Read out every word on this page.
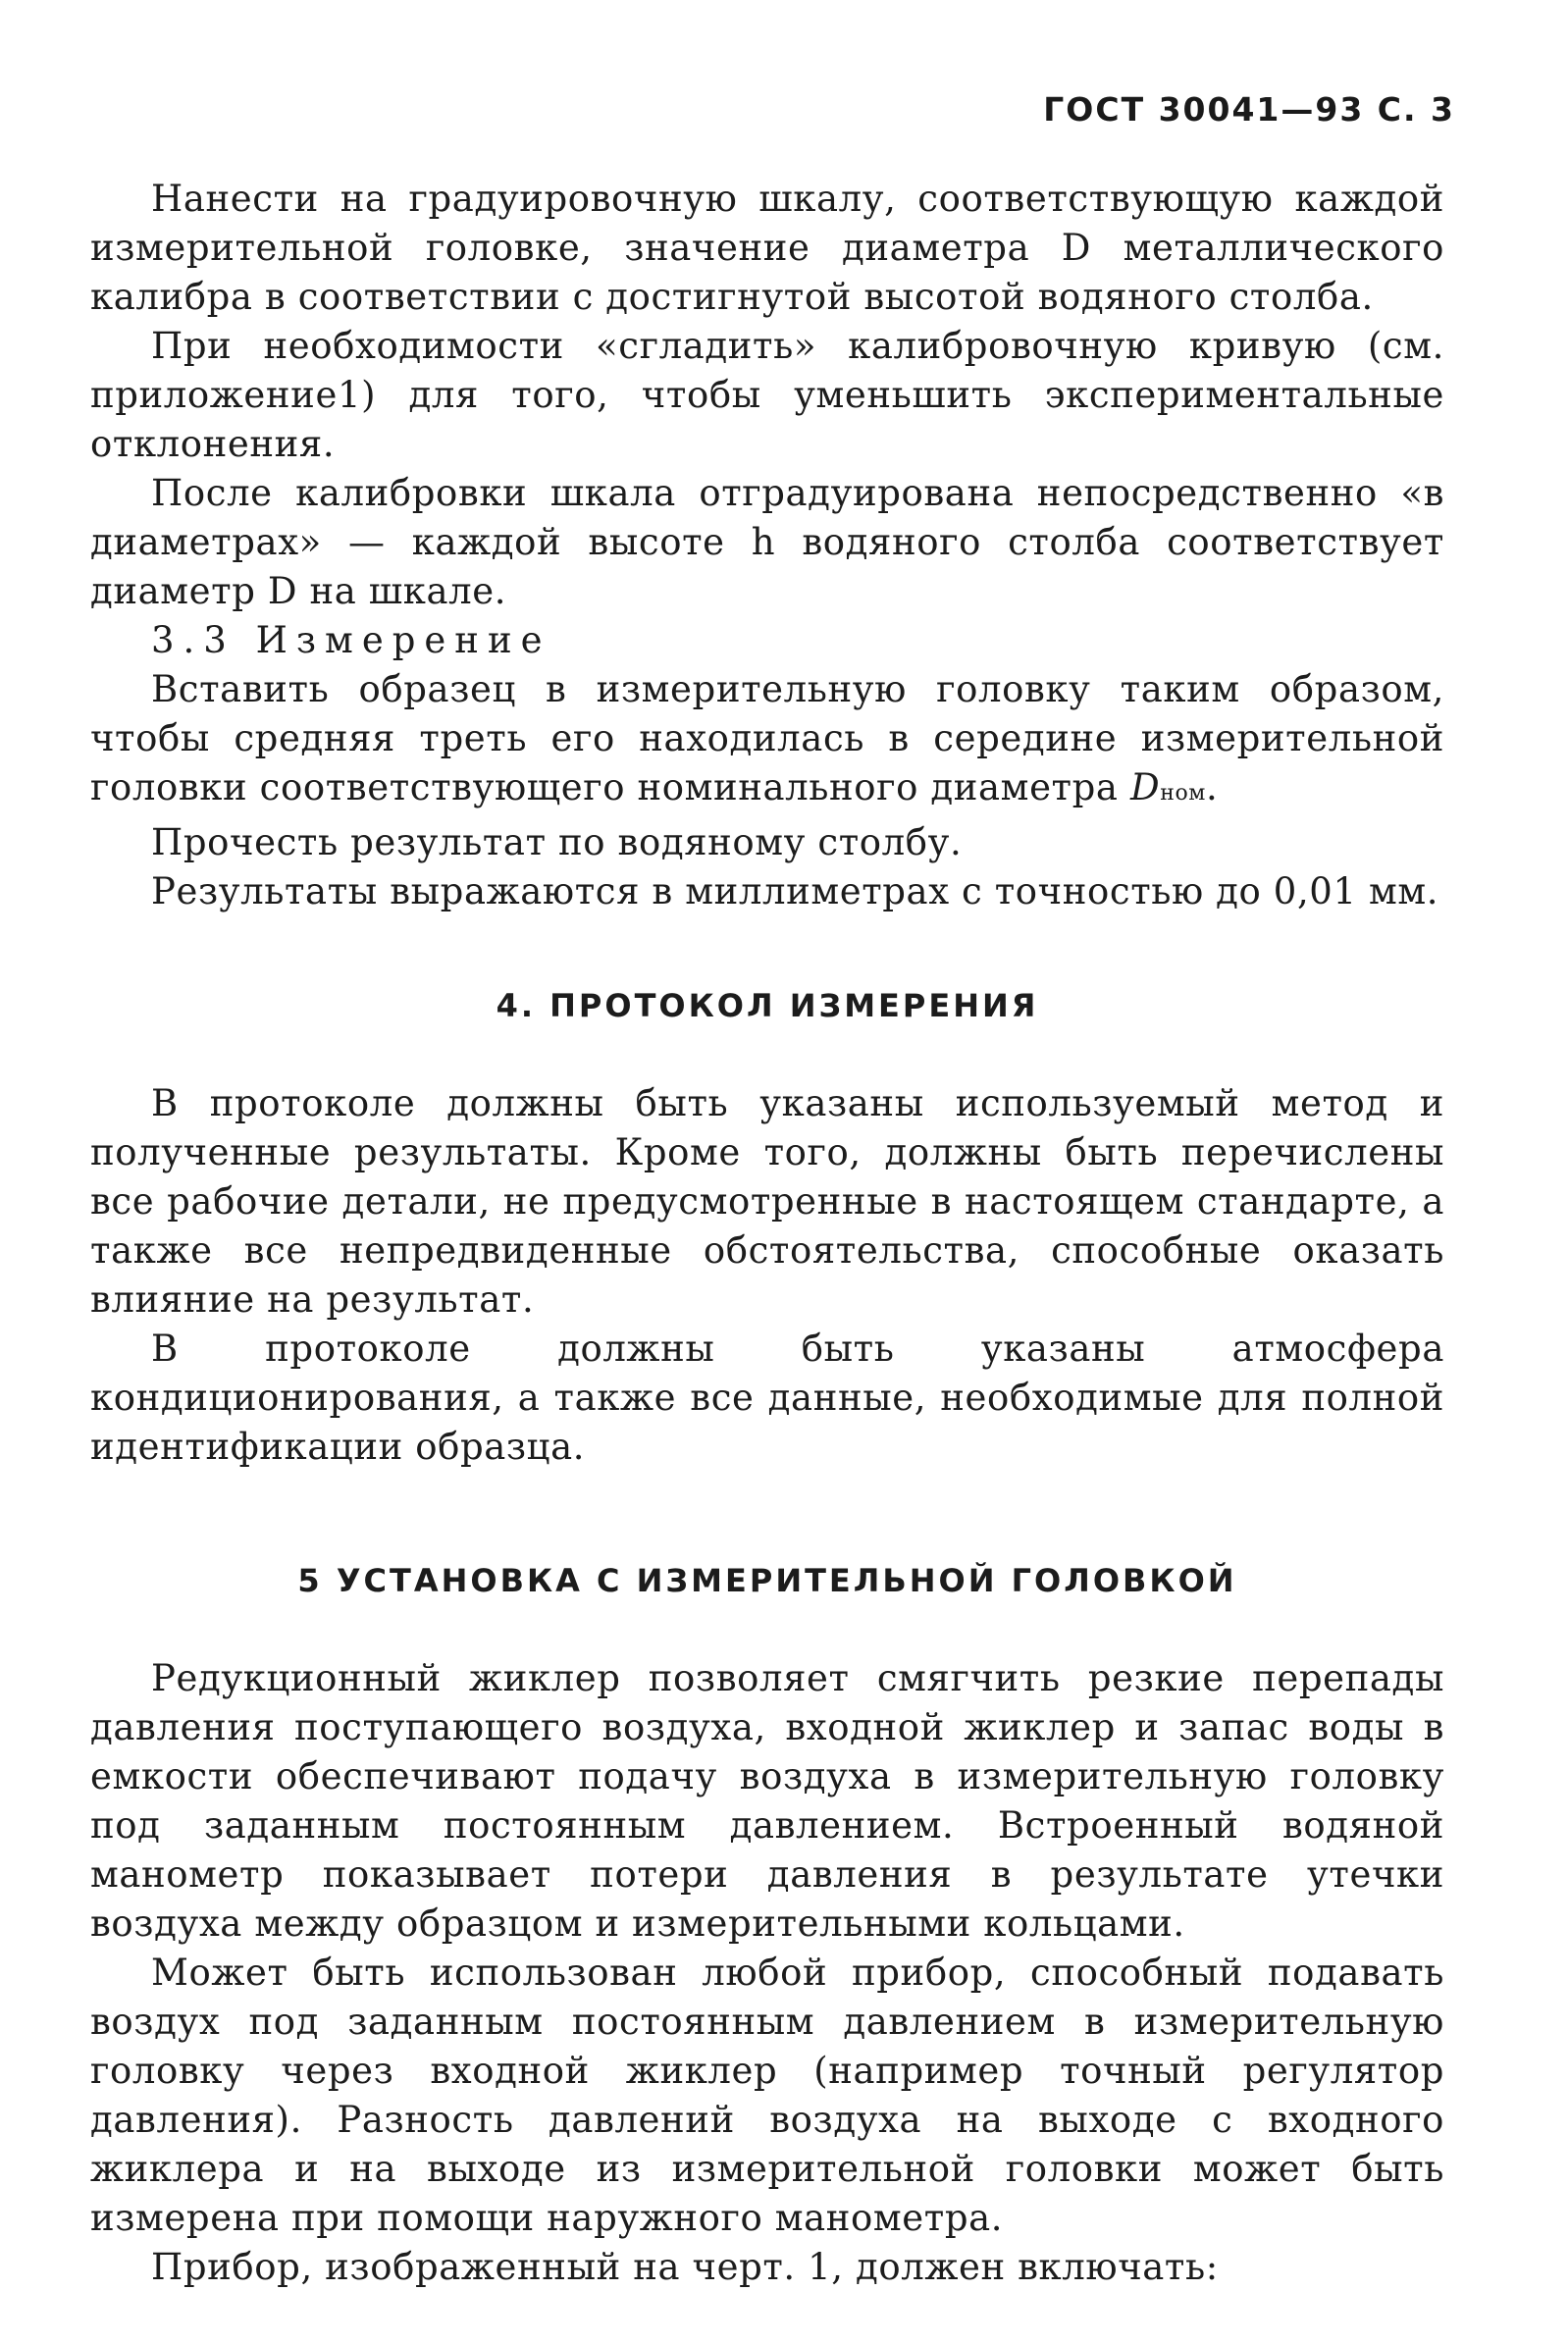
ГОСТ 30041—93 С. 3

Нанести на градуировочную шкалу, соответствующую каждой измерительной головке, значение диаметра D металлического калибра в соответствии с достигнутой высотой водяного столба.

При необходимости «сгладить» калибровочную кривую (см. приложение1) для того, чтобы уменьшить экспериментальные отклонения.

После калибровки шкала отградуирована непосредственно «в диаметрах» — каждой высоте h водяного столба соответствует диаметр D на шкале.

3.3 Измерение

Вставить образец в измерительную головку таким образом, чтобы средняя треть его находилась в середине измерительной головки соответствующего номинального диаметра Dном.

Прочесть результат по водяному столбу.

Результаты выражаются в миллиметрах с точностью до 0,01 мм.

4. ПРОТОКОЛ ИЗМЕРЕНИЯ

В протоколе должны быть указаны используемый метод и полученные результаты. Кроме того, должны быть перечислены все рабочие детали, не предусмотренные в настоящем стандарте, а также все непредвиденные обстоятельства, способные оказать влияние на результат.

В протоколе должны быть указаны атмосфера кондиционирования, а также все данные, необходимые для полной идентификации образца.

5 УСТАНОВКА С ИЗМЕРИТЕЛЬНОЙ ГОЛОВКОЙ

Редукционный жиклер позволяет смягчить резкие перепады давления поступающего воздуха, входной жиклер и запас воды в емкости обеспечивают подачу воздуха в измерительную головку под заданным постоянным давлением. Встроенный водяной манометр показывает потери давления в результате утечки воздуха между образцом и измерительными кольцами.

Может быть использован любой прибор, способный подавать воздух под заданным постоянным давлением в измерительную головку через входной жиклер (например точный регулятор давления). Разность давлений воздуха на выходе с входного жиклера и на выходе из измерительной головки может быть измерена при помощи наружного манометра.

Прибор, изображенный на черт. 1, должен включать:
